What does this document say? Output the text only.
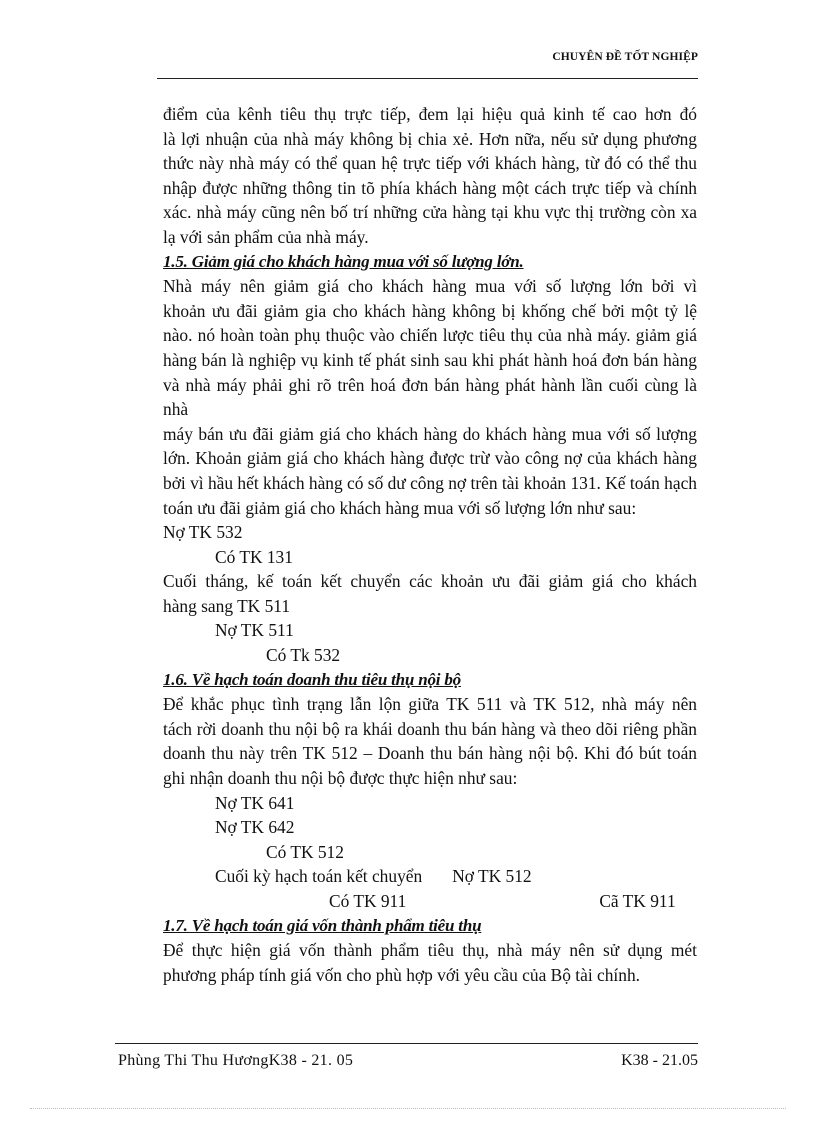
CHUYÊN ĐỀ TỐT NGHIỆP
điểm của kênh tiêu thụ trực tiếp, đem lại hiệu quả kinh tế cao hơn đó
là lợi nhuận của nhà máy không bị chia xẻ. Hơn nữa, nếu sử dụng phương
thức này nhà máy có thể quan hệ trực tiếp với khách hàng, từ đó có thể thu
nhập được những thông tin tõ phía khách hàng một cách trực tiếp và chính
xác. nhà máy cũng nên bố trí những cửa hàng tại khu vực thị trường còn xa
lạ với sản phẩm của nhà máy.
1.5. Giảm giá cho khách hàng mua với số lượng lớn.
Nhà máy nên giảm giá cho khách hàng mua với số lượng lớn bởi vì
khoản ưu đãi giảm gia cho khách hàng không bị khống chế bởi một tỷ lệ
nào. nó hoàn toàn phụ thuộc vào chiến lược tiêu thụ của nhà máy. giảm giá
hàng bán là nghiệp vụ kinh tế phát sinh sau khi phát hành hoá đơn bán hàng
và nhà máy phải ghi rõ trên hoá đơn bán hàng phát hành lần cuối cùng là nhà
máy bán ưu đãi giảm giá cho khách hàng do khách hàng mua với số lượng
lớn. Khoản giảm giá cho khách hàng được trừ vào công nợ của khách hàng
bởi vì hầu hết khách hàng có số dư công nợ trên tài khoản 131. Kế toán hạch
toán ưu đãi giảm giá cho khách hàng mua với số lượng lớn như sau:
Nợ TK 532
Có TK 131
Cuối tháng, kế toán kết chuyển các khoản ưu đãi giảm giá cho khách
hàng sang TK 511
Nợ TK 511
Có Tk 532
1.6. Về hạch toán doanh thu tiêu thụ nội bộ
Để khắc phục tình trạng lẫn lộn giữa TK 511 và TK 512, nhà máy nên
tách rời doanh thu nội bộ ra khái doanh thu bán hàng và theo dõi riêng phần
doanh thu này trên TK 512 – Doanh thu bán hàng nội bộ. Khi đó bút toán
ghi nhận doanh thu nội bộ được thực hiện như sau:
Nợ TK 641
Nợ TK 642
Có TK 512
Cuối kỳ hạch toán kết chuyển Nợ TK 512
Có TK 911	Cã TK 911
1.7. Về hạch toán giá vốn thành phẩm tiêu thụ
Để thực hiện giá vốn thành phẩm tiêu thụ, nhà máy nên sử dụng mét
phương pháp tính giá vốn cho phù hợp với yêu cầu của Bộ tài chính.
Phùng Thi Thu HươngK38 - 21. 05	K38 - 21.05
